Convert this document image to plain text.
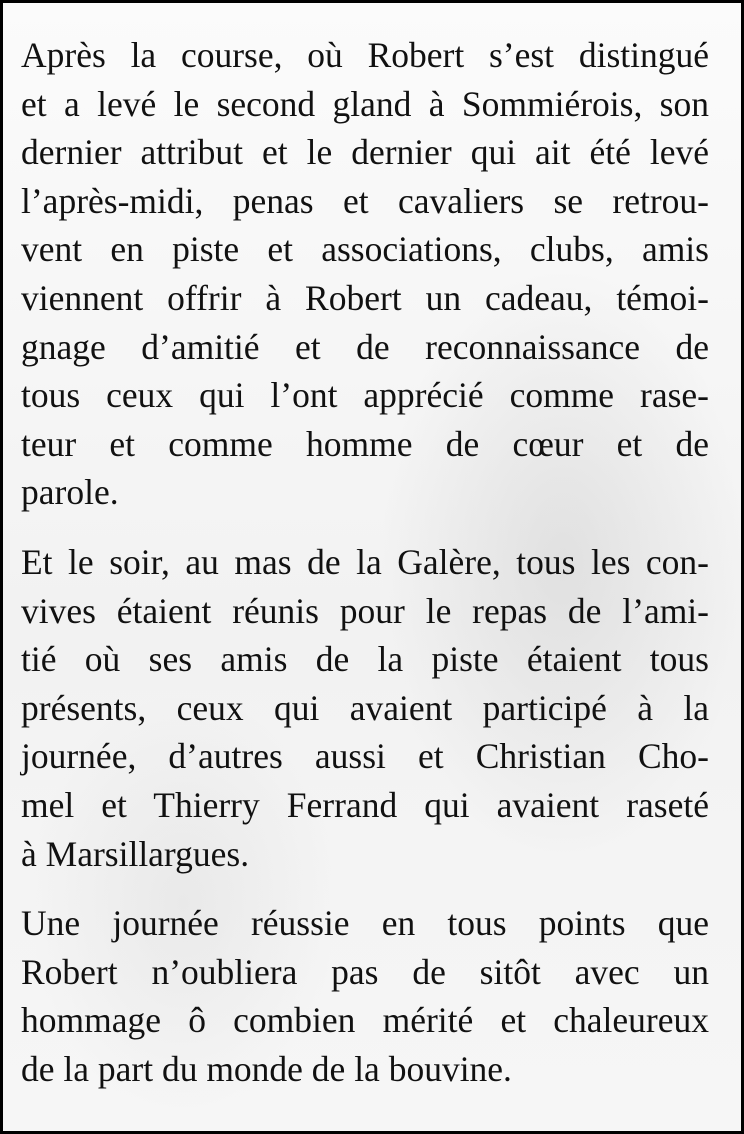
Après la course, où Robert s’est distingué
et a levé le second gland à Sommiérois, son
dernier attribut et le dernier qui ait été levé
l’après-midi, penas et cavaliers se retrou-
vent en piste et associations, clubs, amis
viennent offrir à Robert un cadeau, témoi-
gnage d’amitié et de reconnaissance de
tous ceux qui l’ont apprécié comme rase-
teur et comme homme de cœur et de
parole.
Et le soir, au mas de la Galère, tous les con-
vives étaient réunis pour le repas de l’ami-
tié où ses amis de la piste étaient tous
présents, ceux qui avaient participé à la
journée, d’autres aussi et Christian Cho-
mel et Thierry Ferrand qui avaient raseté
à Marsillargues.
Une journée réussie en tous points que
Robert n’oubliera pas de sitôt avec un
hommage ô combien mérité et chaleureux
de la part du monde de la bouvine.
